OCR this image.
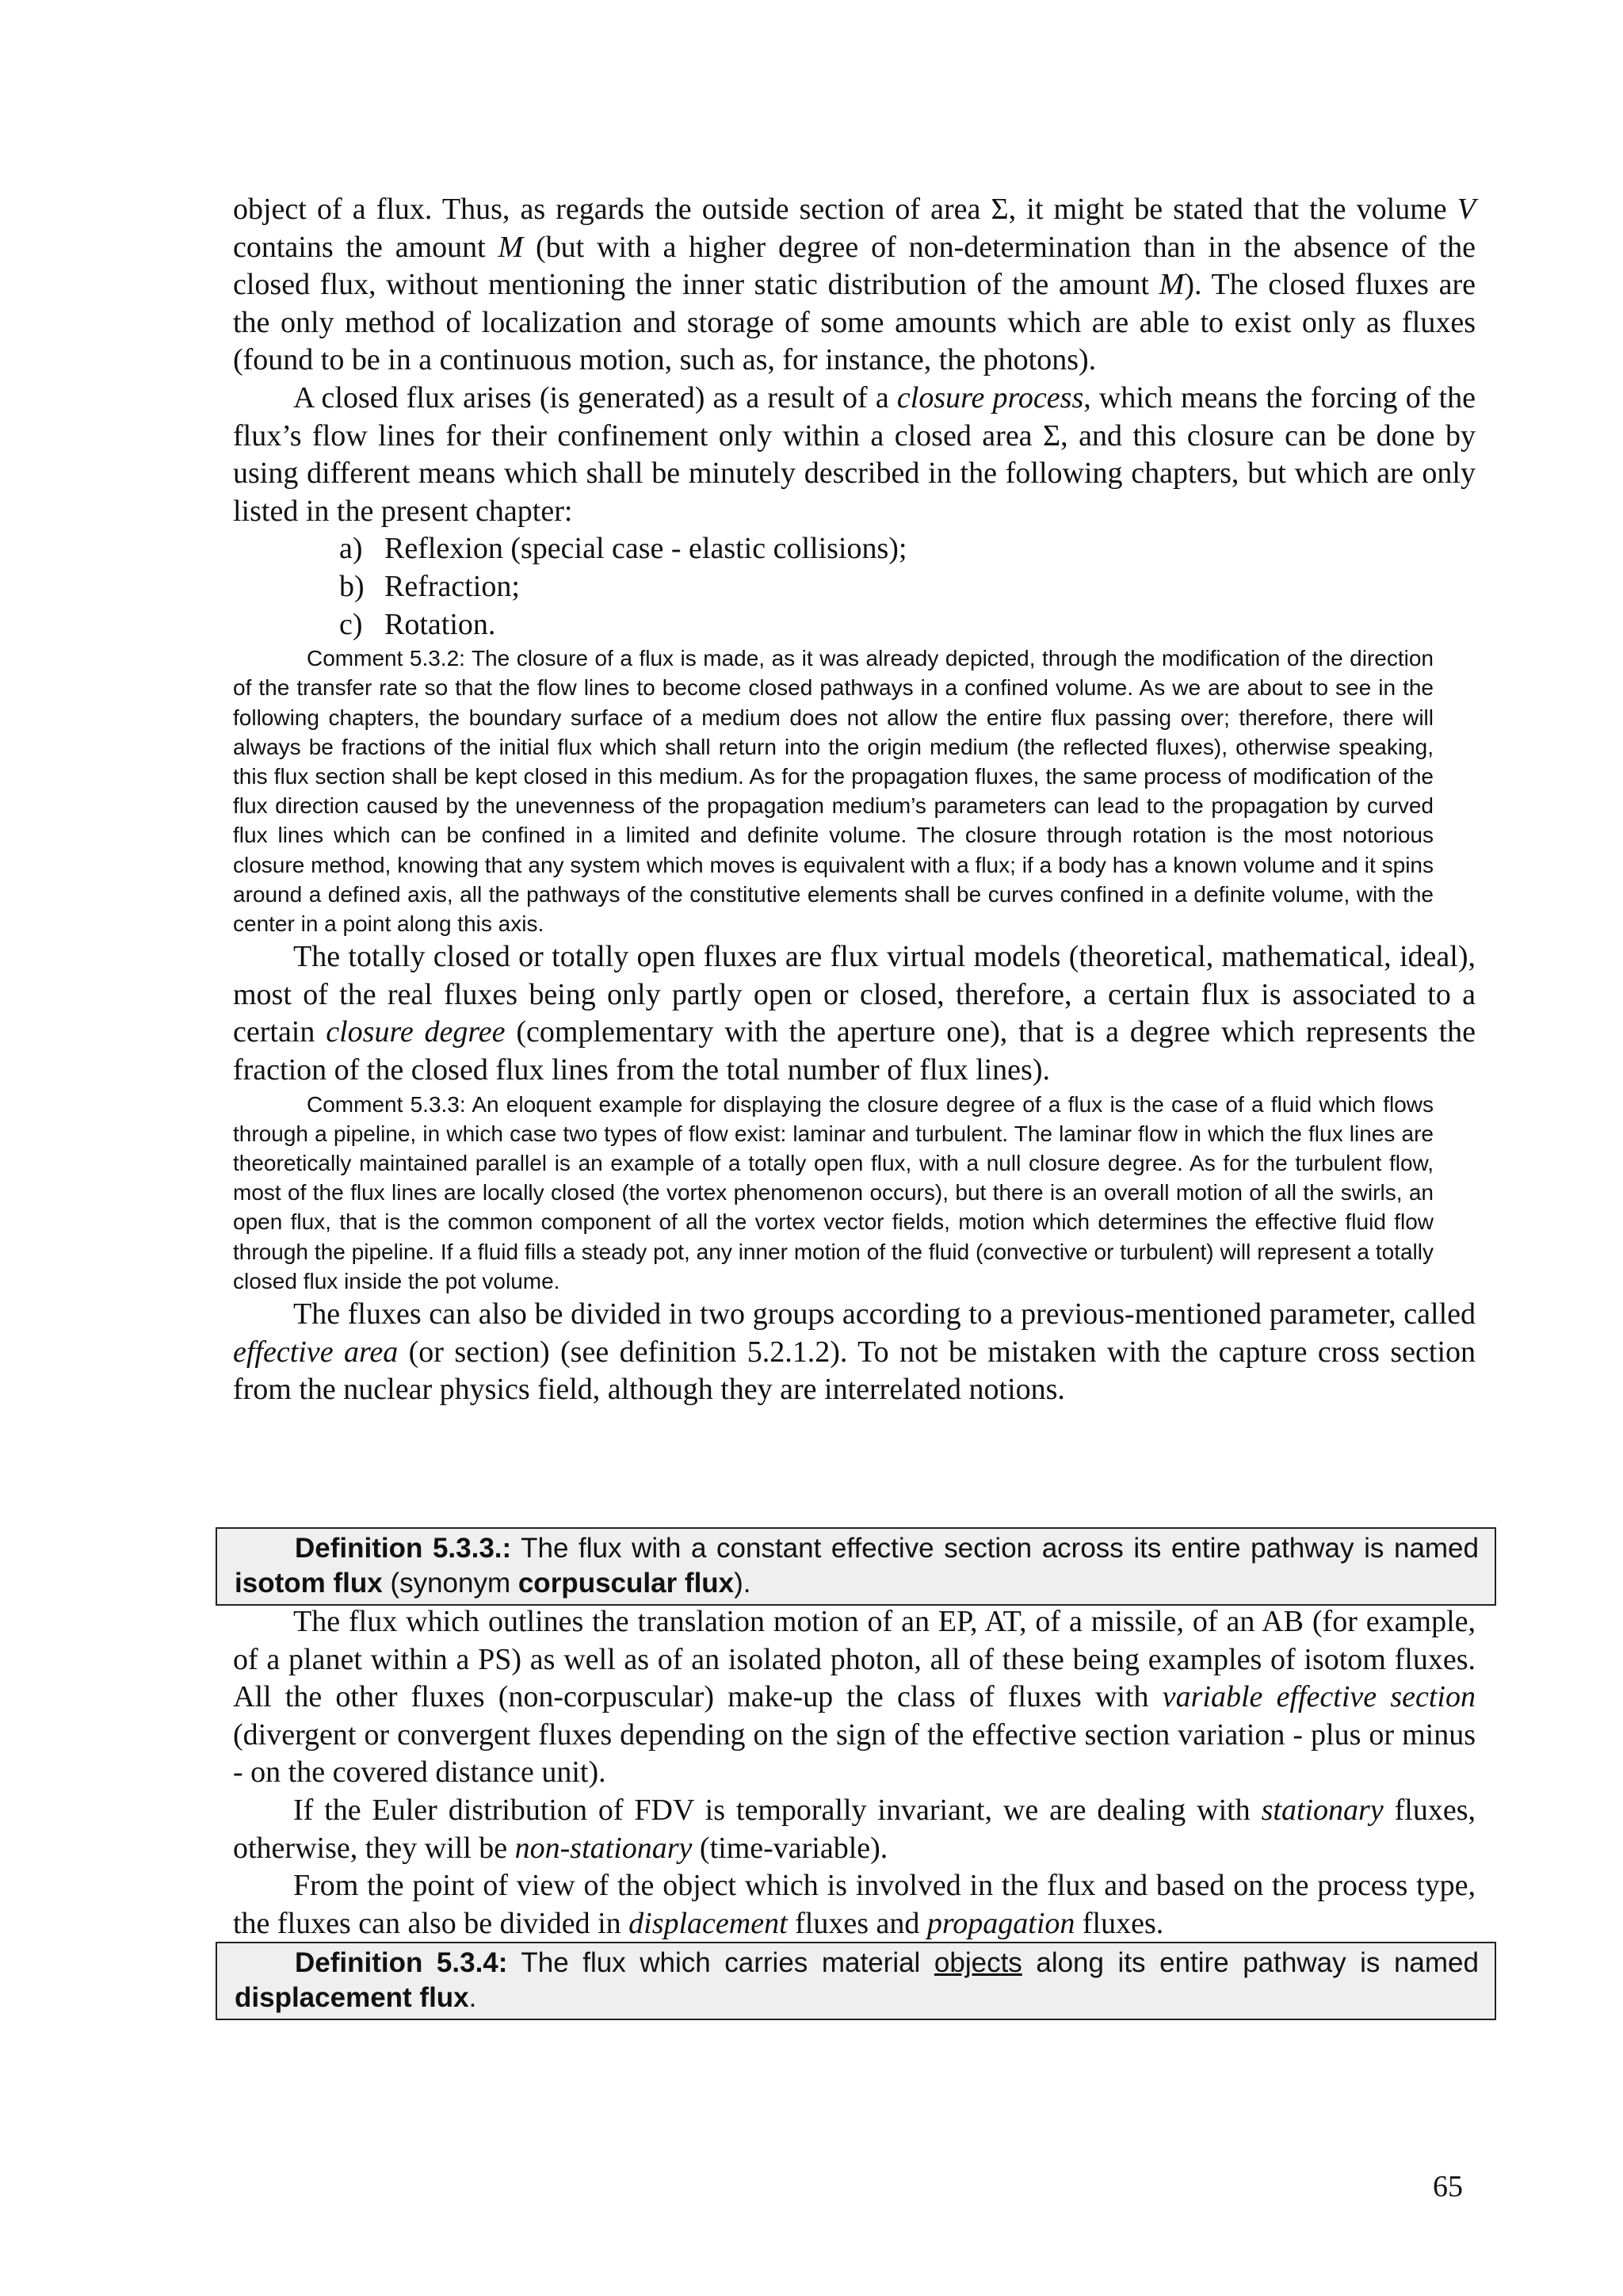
object of a flux. Thus, as regards the outside section of area Σ, it might be stated that the volume V contains the amount M (but with a higher degree of non-determination than in the absence of the closed flux, without mentioning the inner static distribution of the amount M). The closed fluxes are the only method of localization and storage of some amounts which are able to exist only as fluxes (found to be in a continuous motion, such as, for instance, the photons).

A closed flux arises (is generated) as a result of a closure process, which means the forcing of the flux’s flow lines for their confinement only within a closed area Σ, and this closure can be done by using different means which shall be minutely described in the following chapters, but which are only listed in the present chapter:

a) Reflexion (special case - elastic collisions);
b) Refraction;
c) Rotation.

Comment 5.3.2: The closure of a flux is made, as it was already depicted, through the modification of the direction of the transfer rate so that the flow lines to become closed pathways in a confined volume. As we are about to see in the following chapters, the boundary surface of a medium does not allow the entire flux passing over; therefore, there will always be fractions of the initial flux which shall return into the origin medium (the reflected fluxes), otherwise speaking, this flux section shall be kept closed in this medium. As for the propagation fluxes, the same process of modification of the flux direction caused by the unevenness of the propagation medium’s parameters can lead to the propagation by curved flux lines which can be confined in a limited and definite volume. The closure through rotation is the most notorious closure method, knowing that any system which moves is equivalent with a flux; if a body has a known volume and it spins around a defined axis, all the pathways of the constitutive elements shall be curves confined in a definite volume, with the center in a point along this axis.

The totally closed or totally open fluxes are flux virtual models (theoretical, mathematical, ideal), most of the real fluxes being only partly open or closed, therefore, a certain flux is associated to a certain closure degree (complementary with the aperture one), that is a degree which represents the fraction of the closed flux lines from the total number of flux lines).

Comment 5.3.3: An eloquent example for displaying the closure degree of a flux is the case of a fluid which flows through a pipeline, in which case two types of flow exist: laminar and turbulent. The laminar flow in which the flux lines are theoretically maintained parallel is an example of a totally open flux, with a null closure degree. As for the turbulent flow, most of the flux lines are locally closed (the vortex phenomenon occurs), but there is an overall motion of all the swirls, an open flux, that is the common component of all the vortex vector fields, motion which determines the effective fluid flow through the pipeline. If a fluid fills a steady pot, any inner motion of the fluid (convective or turbulent) will represent a totally closed flux inside the pot volume.

The fluxes can also be divided in two groups according to a previous-mentioned parameter, called effective area (or section) (see definition 5.2.1.2). To not be mistaken with the capture cross section from the nuclear physics field, although they are interrelated notions.

Definition 5.3.3.: The flux with a constant effective section across its entire pathway is named isotom flux (synonym corpuscular flux).

The flux which outlines the translation motion of an EP, AT, of a missile, of an AB (for example, of a planet within a PS) as well as of an isolated photon, all of these being examples of isotom fluxes. All the other fluxes (non-corpuscular) make-up the class of fluxes with variable effective section (divergent or convergent fluxes depending on the sign of the effective section variation - plus or minus - on the covered distance unit).

If the Euler distribution of FDV is temporally invariant, we are dealing with stationary fluxes, otherwise, they will be non-stationary (time-variable).

From the point of view of the object which is involved in the flux and based on the process type, the fluxes can also be divided in displacement fluxes and propagation fluxes.

Definition 5.3.4: The flux which carries material objects along its entire pathway is named displacement flux.

65
